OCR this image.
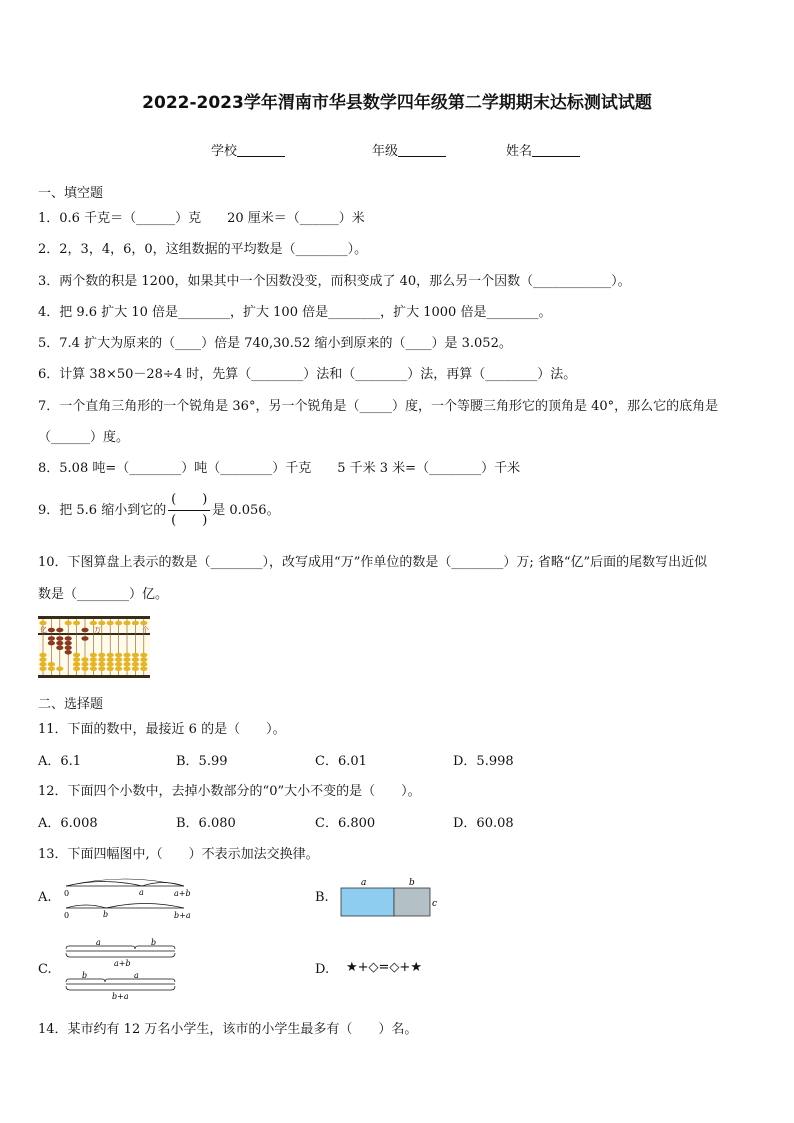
2022-2023学年渭南市华县数学四年级第二学期期末达标测试试题
学校	年级	姓名
一、填空题
1．0.6 千克＝（______）克　　20 厘米＝（______）米
2．2，3，4，6，0，这组数据的平均数是（________）。
3．两个数的积是 1200，如果其中一个因数没变，而积变成了 40，那么另一个因数（____________）。
4．把 9.6 扩大 10 倍是________，扩大 100 倍是________，扩大 1000 倍是________。
5．7.4 扩大为原来的（____）倍是 740,30.52 缩小到原来的（____）是 3.052。
6．计算 38×50－28÷4 时，先算（________）法和（________）法，再算（________）法。
7．一个直角三角形的一个锐角是 36°，另一个锐角是（_____）度，一个等腰三角形它的顶角是 40°，那么它的底角是
（______）度。
8．5.08 吨=（________）吨（________）千克　　5 千米 3 米=（________）千米
9．把 5.6 缩小到它的 $\frac{( )}{( )}$ 是 0.056。
10．下图算盘上表示的数是（________），改写成用“万”作单位的数是（________）万; 省略“亿”后面的尾数写出近似
数是（________）亿。
亿	万	个
二、选择题
11．下面的数中，最接近 6 的是（　　）。
A．6.1	B．5.99	C．6.01	D．5.998
12．下面四个小数中，去掉小数部分的“0”大小不变的是（　　）。
A．6.008	B．6.080	C．6.800	D．60.08
13．下面四幅图中,（　　）不表示加法交换律。
A. 0	a	a+b
0	b	b+a
B.
a	b
c
C.
a	b
a+b
b	a
b+a
D. ★+◇=◇+★
14．某市约有 12 万名小学生，该市的小学生最多有（　　）名。
